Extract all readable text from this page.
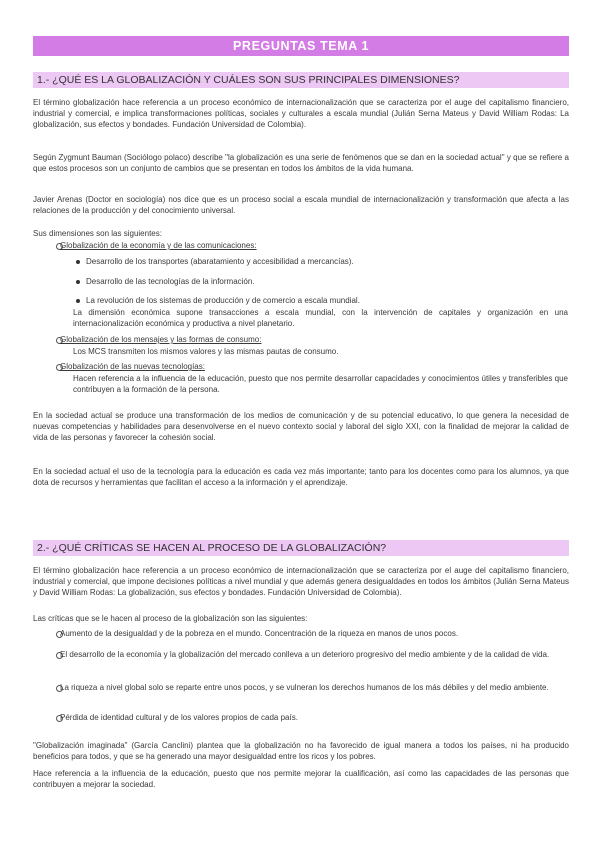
PREGUNTAS TEMA 1
1.- ¿QUÉ ES LA GLOBALIZACIÓN Y CUÁLES SON SUS PRINCIPALES DIMENSIONES?
El término globalización hace referencia a un proceso económico de internacionalización que se caracteriza por el auge del capitalismo financiero, industrial y comercial, e implica transformaciones políticas, sociales y culturales a escala mundial (Julián Serna Mateus y David William Rodas: La globalización, sus efectos y bondades. Fundación Universidad de Colombia).
Según Zygmunt Bauman (Sociólogo polaco) describe "la globalización es una serie de fenómenos que se dan en la sociedad actual" y que se refiere a que estos procesos son un conjunto de cambios que se presentan en todos los ámbitos de la vida humana.
Javier Arenas (Doctor en sociología) nos dice que es un proceso social a escala mundial de internacionalización y transformación que afecta a las relaciones de la producción y del conocimiento universal.
Sus dimensiones son las siguientes:
Globalización de la economía y de las comunicaciones:
Desarrollo de los transportes (abaratamiento y accesibilidad a mercancías).
Desarrollo de las tecnologías de la información.
La revolución de los sistemas de producción y de comercio a escala mundial.
La dimensión económica supone transacciones a escala mundial, con la intervención de capitales y organización en una internacionalización económica y productiva a nivel planetario.
Globalización de los mensajes y las formas de consumo:
Los MCS transmiten los mismos valores y las mismas pautas de consumo.
Globalización de las nuevas tecnologías:
Hacen referencia a la influencia de la educación, puesto que nos permite desarrollar capacidades y conocimientos útiles y transferibles que contribuyen a la formación de la persona.
En la sociedad actual se produce una transformación de los medios de comunicación y de su potencial educativo, lo que genera la necesidad de nuevas competencias y habilidades para desenvolverse en el nuevo contexto social y laboral del siglo XXI, con la finalidad de mejorar la calidad de vida de las personas y favorecer la cohesión social.
En la sociedad actual el uso de la tecnología para la educación es cada vez más importante; tanto para los docentes como para los alumnos, ya que dota de recursos y herramientas que facilitan el acceso a la información y el aprendizaje.
2.- ¿QUÉ CRÍTICAS SE HACEN AL PROCESO DE LA GLOBALIZACIÓN?
El término globalización hace referencia a un proceso económico de internacionalización que se caracteriza por el auge del capitalismo financiero, industrial y comercial, que impone decisiones políticas a nivel mundial y que además genera desigualdades en todos los ámbitos (Julián Serna Mateus y David William Rodas: La globalización, sus efectos y bondades. Fundación Universidad de Colombia).
Las críticas que se le hacen al proceso de la globalización son las siguientes:
Aumento de la desigualdad y de la pobreza en el mundo. Concentración de la riqueza en manos de unos pocos.
El desarrollo de la economía y la globalización del mercado conlleva a un deterioro progresivo del medio ambiente y de la calidad de vida.
La riqueza a nivel global solo se reparte entre unos pocos, y se vulneran los derechos humanos de los más débiles y del medio ambiente.
Pérdida de identidad cultural y de los valores propios de cada país.
"Globalización imaginada" (García Canclini) plantea que la globalización no ha favorecido de igual manera a todos los países, ni ha producido beneficios para todos, y que se ha generado una mayor desigualdad entre los ricos y los pobres.
Hace referencia a la influencia de la educación, puesto que nos permite mejorar la cualificación, así como las capacidades de las personas que contribuyen a mejorar la sociedad.
